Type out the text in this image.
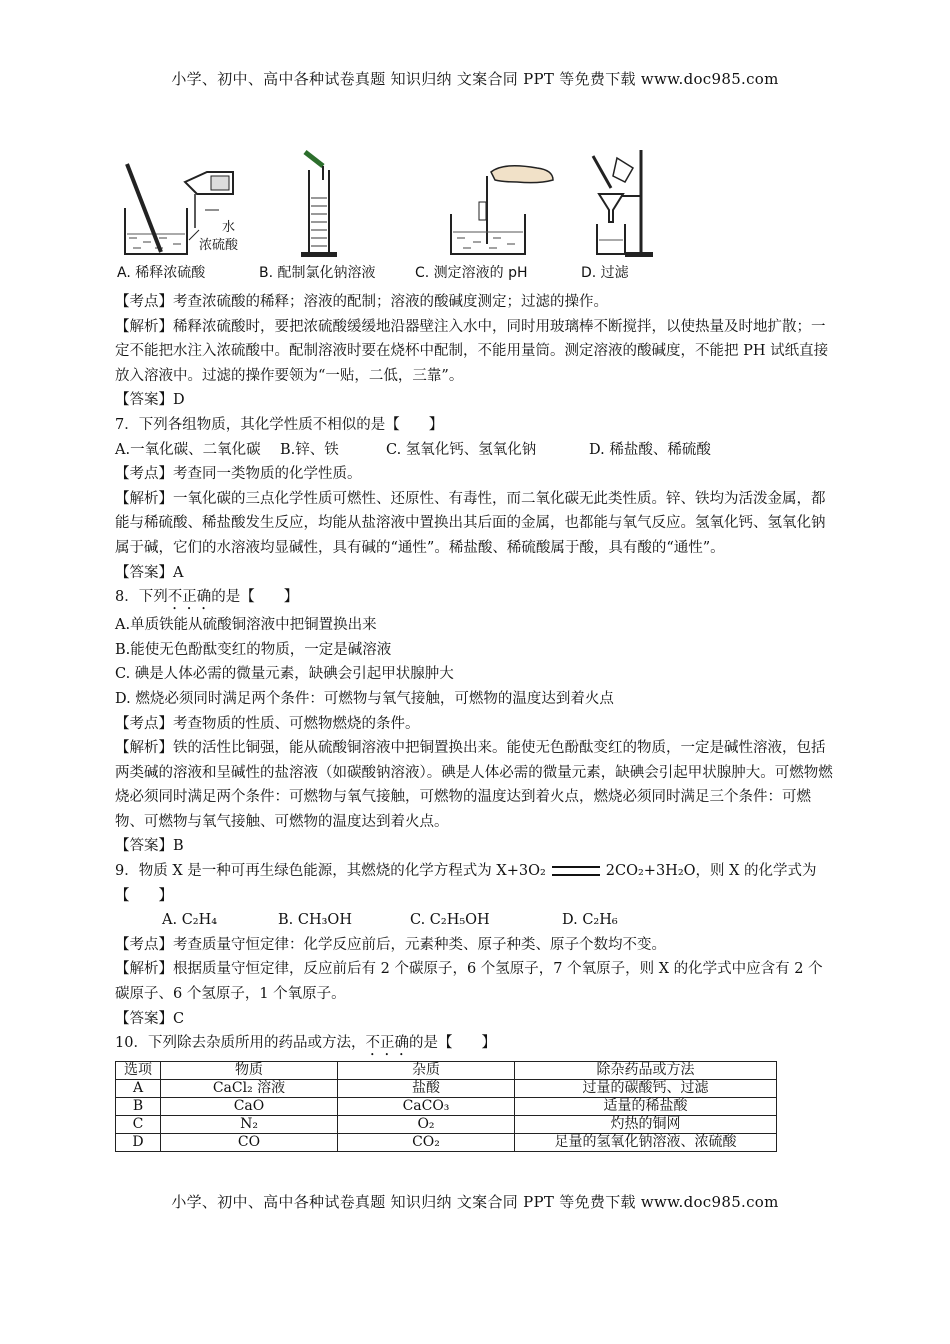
小学、初中、高中各种试卷真题 知识归纳 文案合同 PPT 等免费下载 www.doc985.com
水
浓硫酸
A. 稀释浓硫酸	B. 配制氯化钠溶液	C. 测定溶液的 pH	D. 过滤

【考点】考查浓硫酸的稀释；溶液的配制；溶液的酸碱度测定；过滤的操作。

【解析】稀释浓硫酸时，要把浓硫酸缓缓地沿器壁注入水中，同时用玻璃棒不断搅拌，以使热量及时地扩散；一定不能把水注入浓硫酸中。配制溶液时要在烧杯中配制，不能用量筒。测定溶液的酸碱度，不能把 PH 试纸直接放入溶液中。过滤的操作要领为“一贴，二低，三靠”。

【答案】D

7．下列各组物质，其化学性质不相似的是【　　】

A.一氧化碳、二氧化碳 B.锌、铁	C. 氢氧化钙、氢氧化钠	D. 稀盐酸、稀硫酸

【考点】考查同一类物质的化学性质。

【解析】一氧化碳的三点化学性质可燃性、还原性、有毒性，而二氧化碳无此类性质。锌、铁均为活泼金属，都能与稀硫酸、稀盐酸发生反应，均能从盐溶液中置换出其后面的金属，也都能与氧气反应。氢氧化钙、氢氧化钠属于碱，它们的水溶液均显碱性，具有碱的“通性”。稀盐酸、稀硫酸属于酸，具有酸的“通性”。

【答案】A

8．下列不正确的是【　　】

A.单质铁能从硫酸铜溶液中把铜置换出来

B.能使无色酚酞变红的物质，一定是碱溶液

C. 碘是人体必需的微量元素，缺碘会引起甲状腺肿大

D. 燃烧必须同时满足两个条件：可燃物与氧气接触，可燃物的温度达到着火点

【考点】考查物质的性质、可燃物燃烧的条件。

【解析】铁的活性比铜强，能从硫酸铜溶液中把铜置换出来。能使无色酚酞变红的物质，一定是碱性溶液，包括两类碱的溶液和呈碱性的盐溶液（如碳酸钠溶液）。碘是人体必需的微量元素，缺碘会引起甲状腺肿大。可燃物燃烧必须同时满足两个条件：可燃物与氧气接触，可燃物的温度达到着火点，燃烧必须同时满足三个条件：可燃物、可燃物与氧气接触、可燃物的温度达到着火点。

【答案】B

9．物质 X 是一种可再生绿色能源，其燃烧的化学方程式为 X+3O₂	2CO₂+3H₂O，则 X 的化学式为【　　】

A. C₂H₄	B. CH₃OH	C. C₂H₅OH	D. C₂H₆

【考点】考查质量守恒定律：化学反应前后，元素种类、原子种类、原子个数均不变。

【解析】根据质量守恒定律，反应前后有 2 个碳原子，6 个氢原子，7 个氧原子，则 X 的化学式中应含有 2 个碳原子、6 个氢原子，1 个氧原子。

【答案】C

10．下列除去杂质所用的药品或方法，不正确的是【　　】

选项	物质	杂质	除杂药品或方法
A	CaCl₂ 溶液	盐酸	过量的碳酸钙、过滤
B	CaO	CaCO₃	适量的稀盐酸
C	N₂	O₂	灼热的铜网
D	CO	CO₂	足量的氢氧化钠溶液、浓硫酸
小学、初中、高中各种试卷真题 知识归纳 文案合同 PPT 等免费下载 www.doc985.com
